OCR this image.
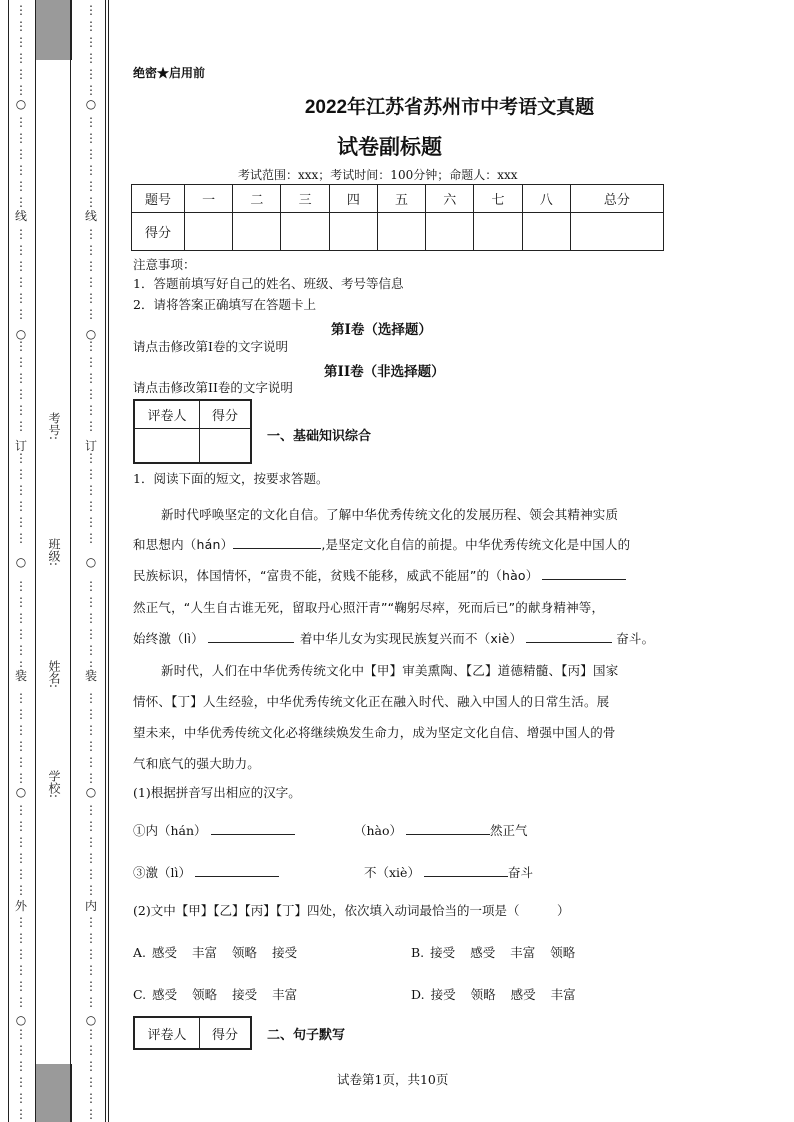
⋮
⋮
⋮
⋮
⋮
⋮
○
⋮
⋮
⋮
⋮
⋮
⋮
线
⋮
⋮
⋮
⋮
⋮
⋮
○
⋮
⋮
⋮
⋮
⋮
⋮
订
⋮
⋮
⋮
⋮
⋮
⋮
○
⋮
⋮
⋮
⋮
⋮
⋮
装
⋮
⋮
⋮
⋮
⋮
⋮
○
⋮
⋮
⋮
⋮
⋮
⋮
外
⋮
⋮
⋮
⋮
⋮
⋮
○
⋮
⋮
⋮
⋮
⋮
⋮
⋮
⋮
⋮
⋮
⋮
⋮
○
⋮
⋮
⋮
⋮
⋮
⋮
线
⋮
⋮
⋮
⋮
⋮
⋮
○
⋮
⋮
⋮
⋮
⋮
⋮
订
⋮
⋮
⋮
⋮
⋮
⋮
○
⋮
⋮
⋮
⋮
⋮
⋮
装
⋮
⋮
⋮
⋮
⋮
⋮
○
⋮
⋮
⋮
⋮
⋮
⋮
内
⋮
⋮
⋮
⋮
⋮
⋮
○
⋮
⋮
⋮
⋮
⋮
⋮
考号:
班级:
姓名:
学校:
绝密★启用前
2022年江苏省苏州市中考语文真题
试卷副标题
考试范围：xxx；考试时间：100分钟；命题人：xxx
题号	一	二	三	四	五	六	七	八	总分
得分									
注意事项：
1．答题前填写好自己的姓名、班级、考号等信息
2．请将答案正确填写在答题卡上
第I卷（选择题）
请点击修改第I卷的文字说明
第II卷（非选择题）
请点击修改第II卷的文字说明
评卷人	得分

一、基础知识综合
1．阅读下面的短文，按要求答题。
新时代呼唤坚定的文化自信。了解中华优秀传统文化的发展历程、领会其精神实质
和思想内（hán）	,是坚定文化自信的前提。中华优秀传统文化是中国人的
民族标识，体国情怀，“富贵不能，贫贱不能移，威武不能屈”的（hào）
然正气，“人生自古谁无死，留取丹心照汗青”“鞠躬尽瘁，死而后已”的献身精神等，
始终激（lì）	着中华儿女为实现民族复兴而不（xiè）	奋斗。
新时代，人们在中华优秀传统文化中【甲】审美熏陶、【乙】道德精髓、【丙】国家
情怀、【丁】人生经验，中华优秀传统文化正在融入时代、融入中国人的日常生活。展
望未来，中华优秀传统文化必将继续焕发生命力，成为坚定文化自信、增强中国人的骨
气和底气的强大助力。
(1)根据拼音写出相应的汉字。
①内（hán）	（hào）	然正气
③激（lì）	不（xiè）	奋斗
(2)文中【甲】【乙】【丙】【丁】四处，依次填入动词最恰当的一项是（　　　）
A. 感受 丰富 领略 接受	B. 接受 感受 丰富 领略
C. 感受 领略 接受 丰富	D. 接受 领略 感受 丰富
评卷人	得分 二、句子默写
试卷第1页，共10页
